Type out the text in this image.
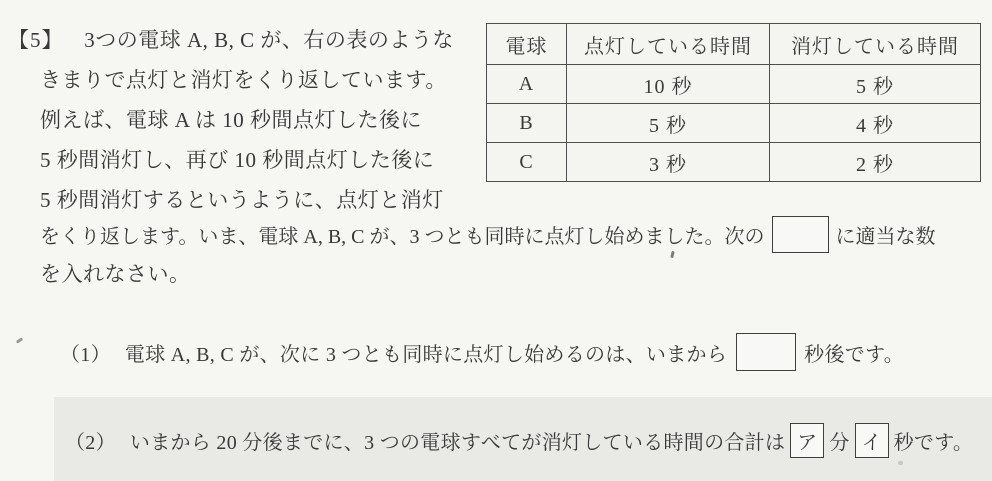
【5】 3つの電球 A, B, C が、右の表のような
きまりで点灯と消灯をくり返しています。
例えば、電球 A は 10 秒間点灯した後に
5 秒間消灯し、再び 10 秒間点灯した後に
5 秒間消灯するというように、点灯と消灯
をくり返します。いま、電球 A, B, C が、3 つとも同時に点灯し始めました。次の	に適当な数
を入れなさい。
電球	点灯している時間	消灯している時間
A	10 秒	5 秒
B	5 秒	4 秒
C	3 秒	2 秒
（1） 電球 A, B, C が、次に 3 つとも同時に点灯し始めるのは、いまから	秒後です。
（2） いまから 20 分後までに、3 つの電球すべてが消灯している時間の合計は ア 分 イ 秒です。
